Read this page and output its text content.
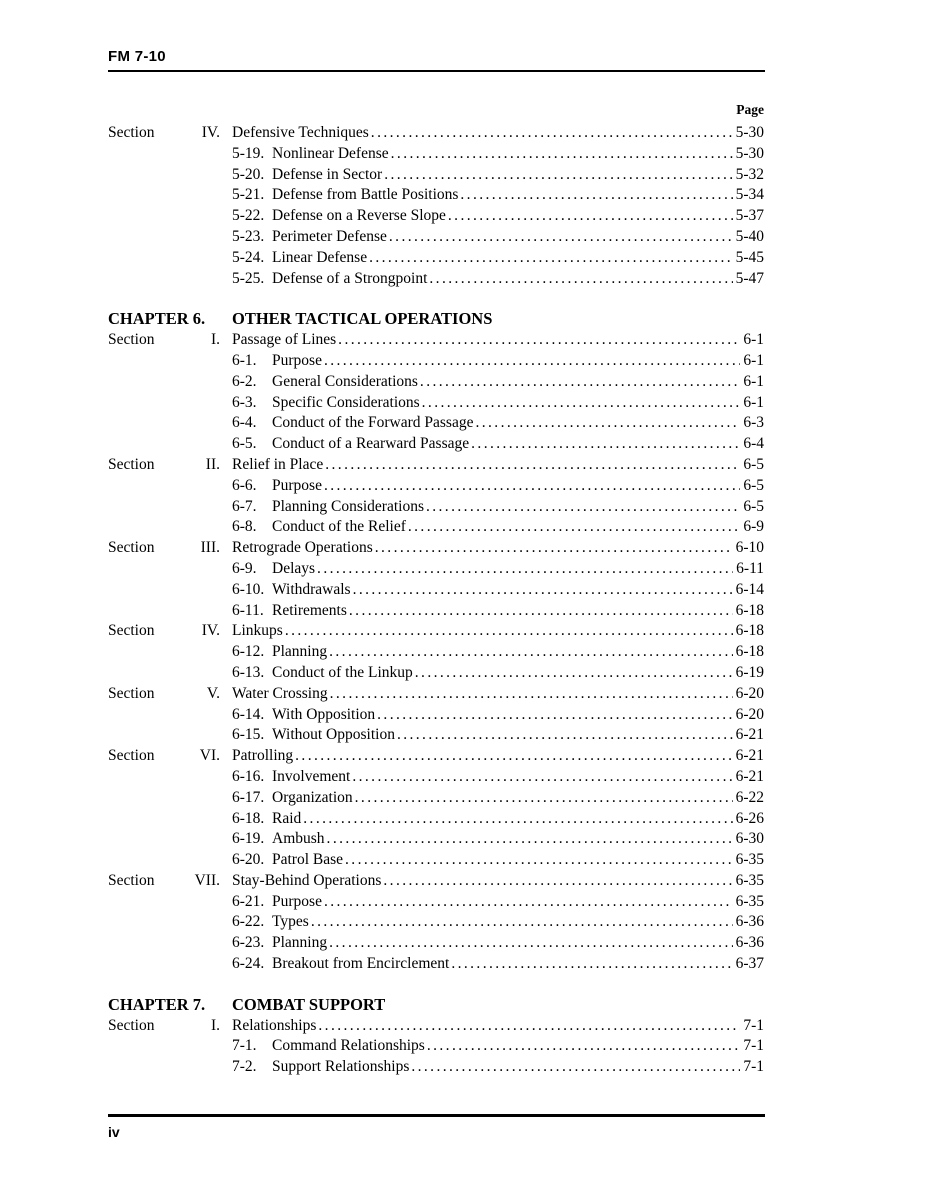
FM 7-10
Page
Section	IV. Defensive Techniques .....	5-30
5-19. Nonlinear Defense .....	5-30
5-20. Defense in Sector .....	5-32
5-21. Defense from Battle Positions .....	5-34
5-22. Defense on a Reverse Slope .....	5-37
5-23. Perimeter Defense .....	5-40
5-24. Linear Defense .....	5-45
5-25. Defense of a Strongpoint .....	5-47
CHAPTER 6.	OTHER TACTICAL OPERATIONS
Section	I. Passage of Lines .....	6-1
6-1. Purpose .....	6-1
6-2. General Considerations .....	6-1
6-3. Specific Considerations .....	6-1
6-4. Conduct of the Forward Passage .....	6-3
6-5. Conduct of a Rearward Passage .....	6-4
Section	II. Relief in Place .....	6-5
6-6. Purpose .....	6-5
6-7. Planning Considerations .....	6-5
6-8. Conduct of the Relief .....	6-9
Section	III. Retrograde Operations .....	6-10
6-9. Delays .....	6-11
6-10. Withdrawals .....	6-14
6-11. Retirements .....	6-18
Section	IV. Linkups .....	6-18
6-12. Planning .....	6-18
6-13. Conduct of the Linkup .....	6-19
Section	V. Water Crossing .....	6-20
6-14. With Opposition .....	6-20
6-15. Without Opposition .....	6-21
Section	VI. Patrolling .....	6-21
6-16. Involvement .....	6-21
6-17. Organization .....	6-22
6-18. Raid .....	6-26
6-19. Ambush .....	6-30
6-20. Patrol Base .....	6-35
Section	VII. Stay-Behind Operations .....	6-35
6-21. Purpose .....	6-35
6-22. Types .....	6-36
6-23. Planning .....	6-36
6-24. Breakout from Encirclement .....	6-37
CHAPTER 7.	COMBAT SUPPORT
Section	I. Relationships .....	7-1
7-1. Command Relationships .....	7-1
7-2. Support Relationships .....	7-1
iv
